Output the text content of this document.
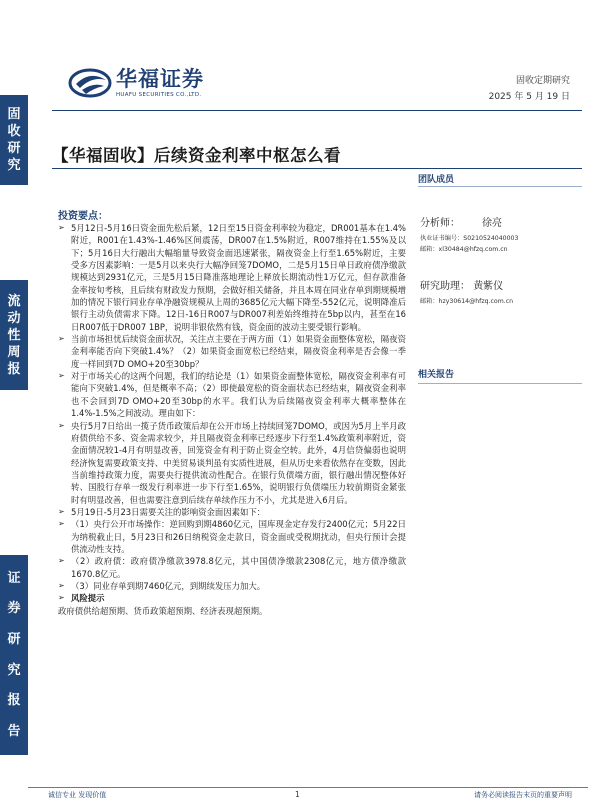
固
收
研
究
流
动
性
周
报
证
券
研
究
报
告
华福证券
HUAFU SECURITIES CO.,LTD.
固收定期研究
2025 年 5 月 19 日
【华福固收】后续资金利率中枢怎么看
团队成员
投资要点：
➢ 5月12日-5月16日资金面先松后紧，12日至15日资金利率较为稳定，DR001基本在1.4%附近，R001在1.43%-1.46%区间震荡，DR007在1.5%附近，R007维持在1.55%及以下；5月16日大行融出大幅缩量导致资金面迅速紧张，隔夜资金上行至1.65%附近，主要受多方因素影响：一是5月以来央行大幅净回笼7DOMO，二是5月15日单日政府债净缴款规模达到2931亿元，三是5月15日降准落地理论上释放长期流动性1万亿元，但存款准备金率按旬考核，且后续有财政发力预期，会做好相关储备，并且本周在同业存单到期规模增加的情况下银行同业存单净融资规模从上周的3685亿元大幅下降至-552亿元，说明降准后银行主动负债需求下降。12日-16日R007与DR007利差始终维持在5bp以内，甚至在16日R007低于DR007 1BP，说明非银依然有钱，资金面的波动主要受银行影响。
➢ 当前市场担忧后续资金面状况，关注点主要在于两方面（1）如果资金面整体宽松，隔夜资金利率能否向下突破1.4%？（2）如果资金面宽松已经结束，隔夜资金利率是否会像一季度一样回到7D OMO+20至30bp？
➢ 对于市场关心的这两个问题，我们的结论是（1）如果资金面整体宽松，隔夜资金利率有可能向下突破1.4%，但是概率不高；（2）即使最宽松的资金面状态已经结束，隔夜资金利率也不会回到7D OMO+20至30bp的水平。我们认为后续隔夜资金利率大概率整体在1.4%-1.5%之间波动。理由如下：
➢ 央行5月7日给出一揽子货币政策后却在公开市场上持续回笼7DOMO，或因为5月上半月政府债供给不多、资金需求较少，并且隔夜资金利率已经逐步下行至1.4%政策利率附近，资金面情况较1-4月有明显改善，回笼资金有利于防止资金空转。此外，4月信贷偏弱也说明经济恢复需要政策支持、中美贸易谈判虽有实质性进展，但从历史来看依然存在变数，因此当前维持政策力度，需要央行提供流动性配合。在银行负债端方面，银行融出情况整体好转、国股行存单一级发行利率进一步下行至1.65%，说明银行负债端压力较前期资金紧张时有明显改善，但也需要注意到后续存单续作压力不小，尤其是进入6月后。
➢ 5月19日-5月23日需要关注的影响资金面因素如下：
➢ （1）央行公开市场操作：逆回购到期4860亿元，国库现金定存发行2400亿元；5月22日为纳税截止日，5月23日和26日纳税资金走款日，资金面或受税期扰动，但央行预计会提供流动性支持。
➢ （2）政府债：政府债净缴款3978.8亿元，其中国债净缴款2308亿元，地方债净缴款1670.8亿元。
➢ （3）同业存单到期7460亿元，到期续发压力加大。
➢ 风险提示
政府债供给超预期、货币政策超预期、经济表现超预期。
分析师： 徐亮
执业证书编号：S0210524040003
邮箱：xl30484@hfzq.com.cn
研究助理： 黄紫仪
邮箱：hzy30614@hfzq.com.cn
相关报告
诚信专业 发现价值	1	请务必阅读报告末页的重要声明
